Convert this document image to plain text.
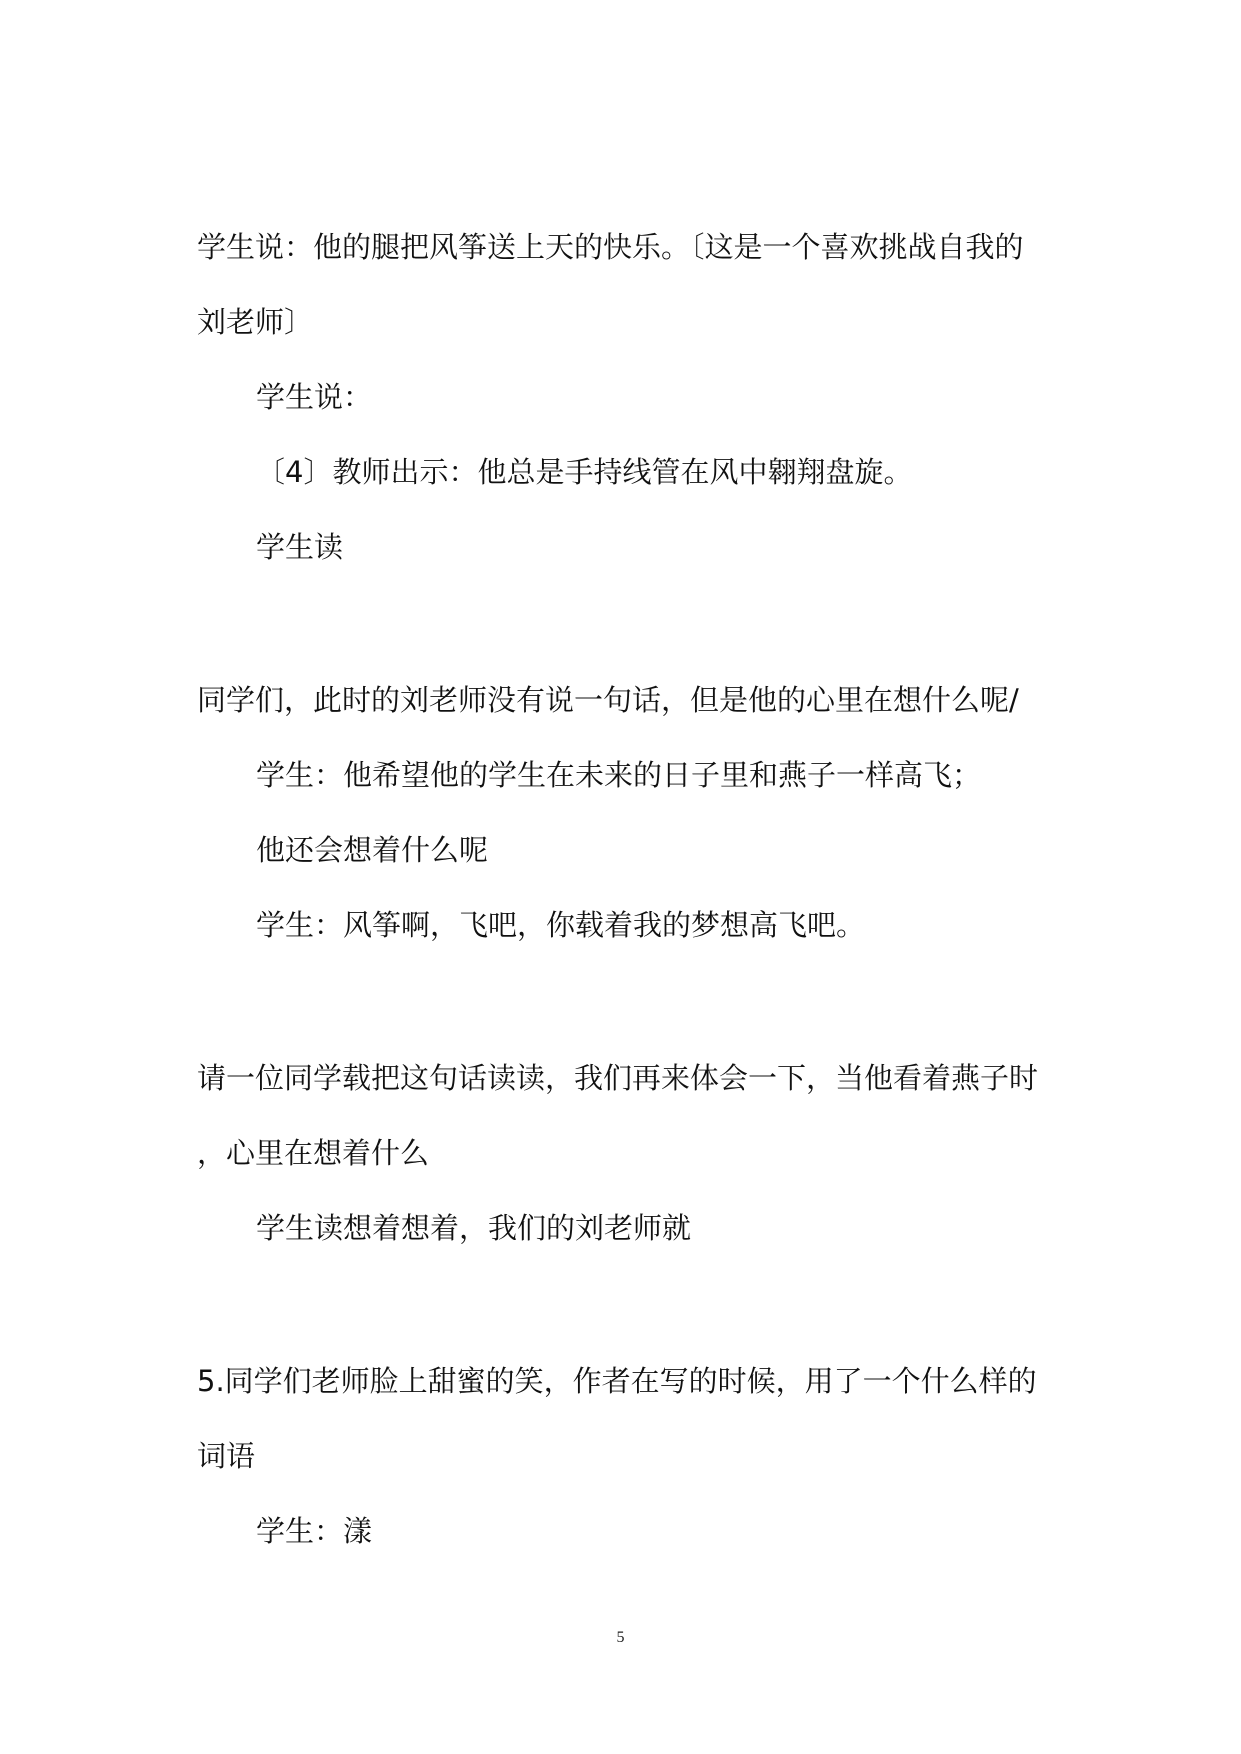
学生说：他的腿把风筝送上天的快乐。〔这是一个喜欢挑战自我的
刘老师〕
学生说：
〔4〕教师出示：他总是手持线管在风中翱翔盘旋。
学生读
同学们，此时的刘老师没有说一句话，但是他的心里在想什么呢/
学生：他希望他的学生在未来的日子里和燕子一样高飞；
他还会想着什么呢
学生：风筝啊，飞吧，你载着我的梦想高飞吧。
请一位同学载把这句话读读，我们再来体会一下，当他看着燕子时
，心里在想着什么
学生读想着想着，我们的刘老师就
5.同学们老师脸上甜蜜的笑，作者在写的时候，用了一个什么样的
词语
学生：漾
5
